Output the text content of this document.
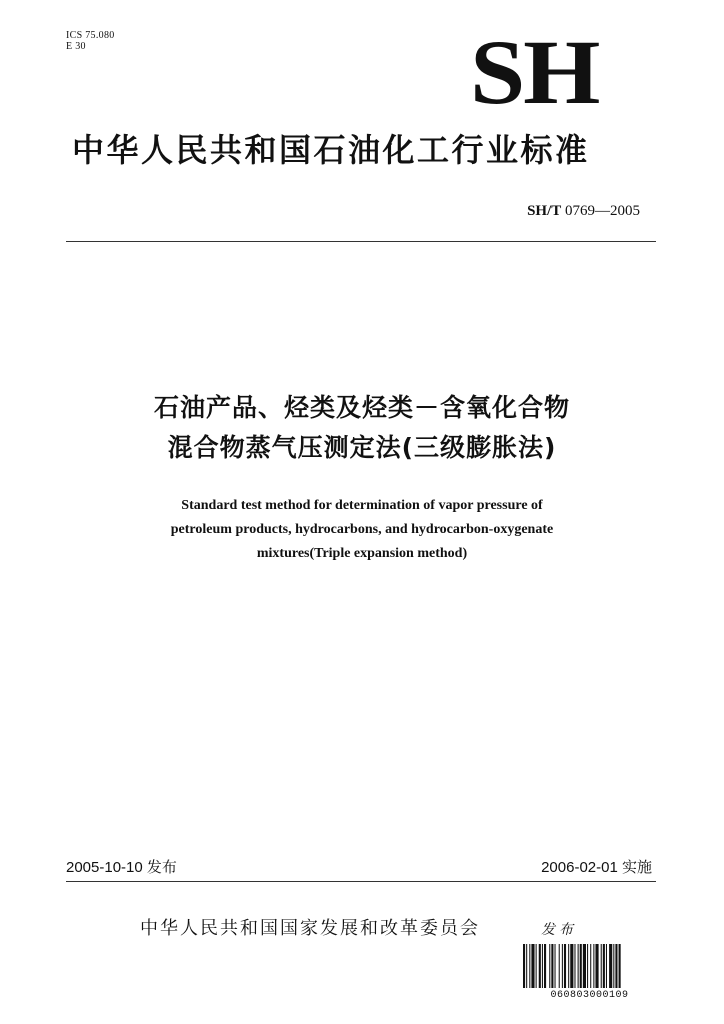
ICS 75.080
E 30	SH
中华人民共和国石油化工行业标准
SH/T 0769—2005
石油产品、烃类及烃类－含氧化合物
混合物蒸气压测定法(三级膨胀法)
Standard test method for determination of vapor pressure of
petroleum products, hydrocarbons, and hydrocarbon-oxygenate
mixtures(Triple expansion method)
2005-10-10 发布	2006-02-01 实施
中华人民共和国国家发展和改革委员会	发布
060803000109
